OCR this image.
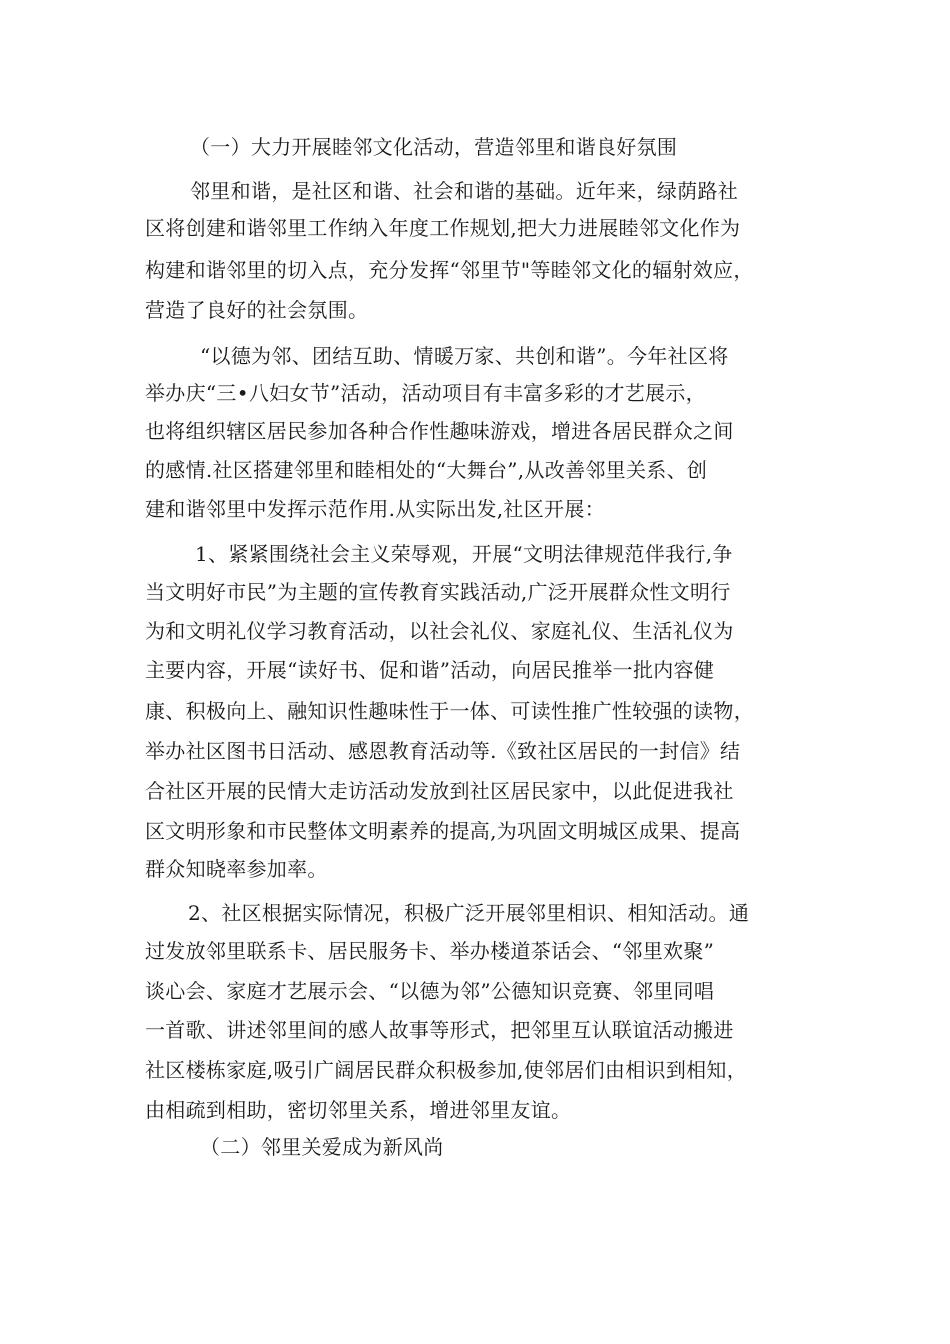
（一）大力开展睦邻文化活动，营造邻里和谐良好氛围
邻里和谐，是社区和谐、社会和谐的基础。近年来，绿荫路社
区将创建和谐邻里工作纳入年度工作规划,把大力进展睦邻文化作为
构建和谐邻里的切入点，充分发挥“邻里节"等睦邻文化的辐射效应，
营造了良好的社会氛围。
“以德为邻、团结互助、情暖万家、共创和谐”。今年社区将
举办庆“三•八妇女节”活动，活动项目有丰富多彩的才艺展示，
也将组织辖区居民参加各种合作性趣味游戏，增进各居民群众之间
的感情.社区搭建邻里和睦相处的“大舞台”,从改善邻里关系、创
建和谐邻里中发挥示范作用.从实际出发,社区开展：
1、紧紧围绕社会主义荣辱观，开展“文明法律规范伴我行,争
当文明好市民”为主题的宣传教育实践活动,广泛开展群众性文明行
为和文明礼仪学习教育活动，以社会礼仪、家庭礼仪、生活礼仪为
主要内容，开展“读好书、促和谐”活动，向居民推举一批内容健
康、积极向上、融知识性趣味性于一体、可读性推广性较强的读物，
举办社区图书日活动、感恩教育活动等.《致社区居民的一封信》结
合社区开展的民情大走访活动发放到社区居民家中，以此促进我社
区文明形象和市民整体文明素养的提高,为巩固文明城区成果、提高
群众知晓率参加率。
2、社区根据实际情况，积极广泛开展邻里相识、相知活动。通
过发放邻里联系卡、居民服务卡、举办楼道茶话会、“邻里欢聚”
谈心会、家庭才艺展示会、“以德为邻”公德知识竞赛、邻里同唱
一首歌、讲述邻里间的感人故事等形式，把邻里互认联谊活动搬进
社区楼栋家庭,吸引广阔居民群众积极参加,使邻居们由相识到相知，
由相疏到相助，密切邻里关系，增进邻里友谊。
（二）邻里关爱成为新风尚
